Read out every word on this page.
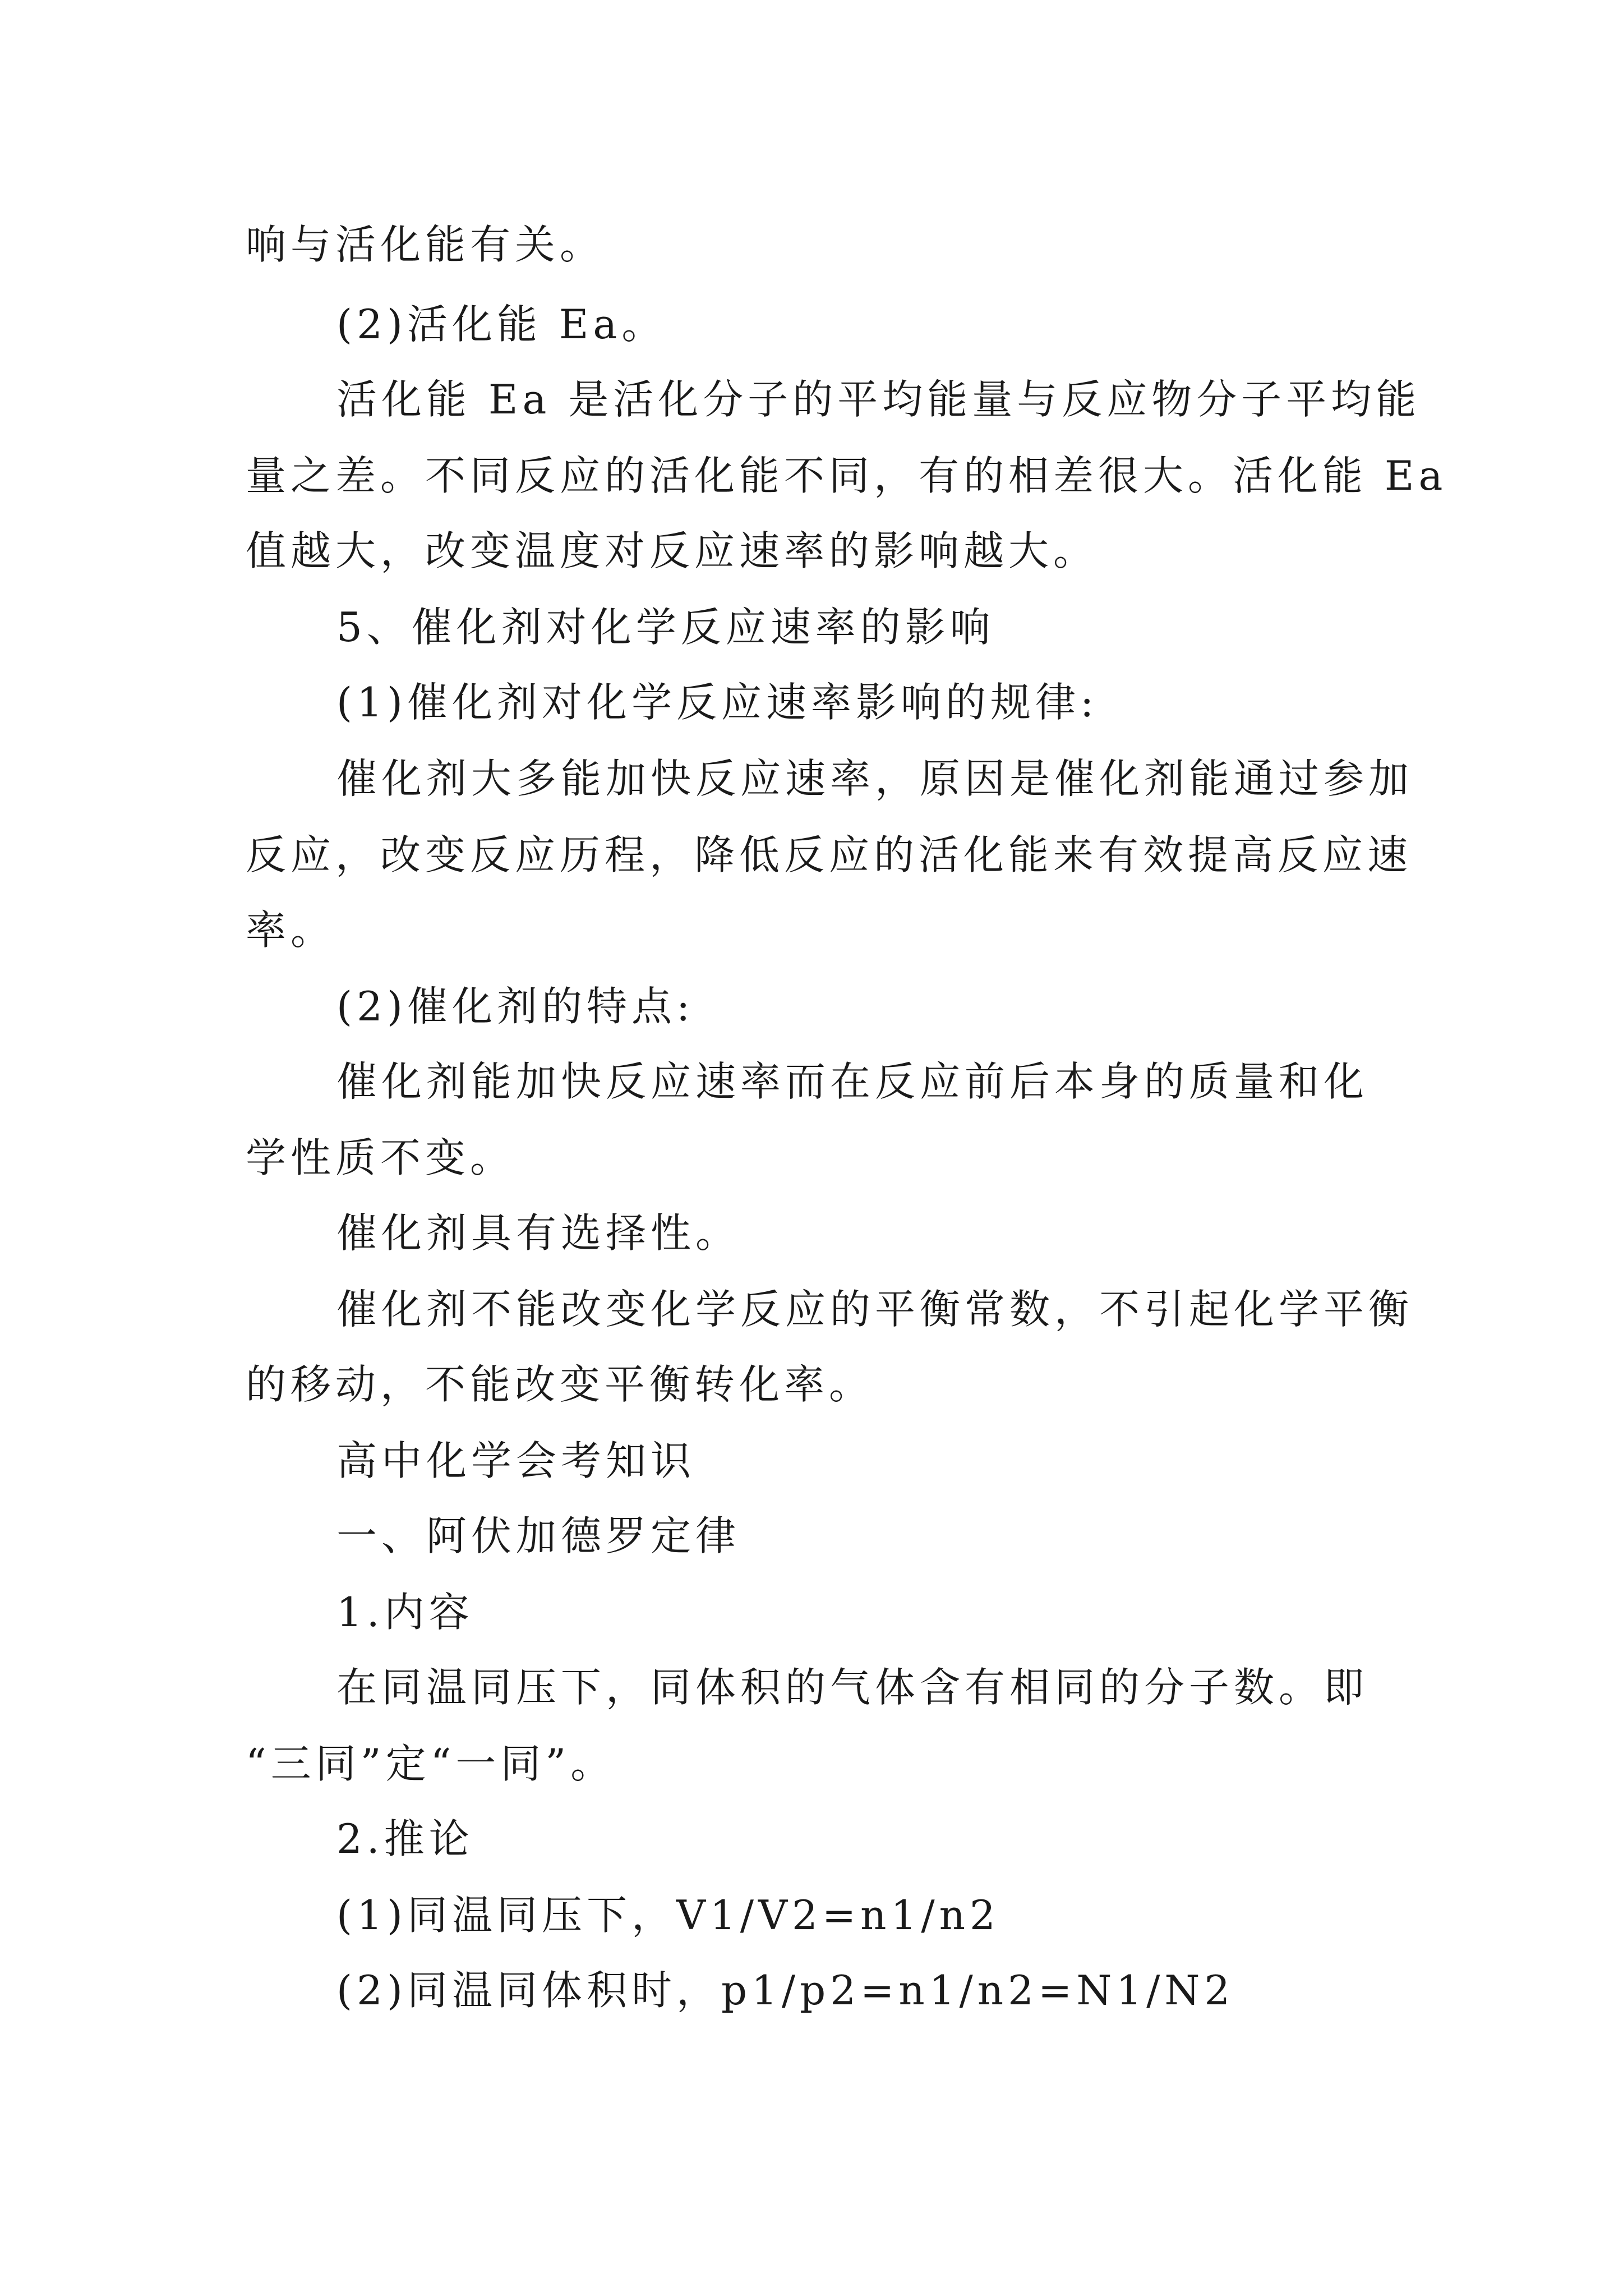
响与活化能有关。

(2)活化能 Ea。

活化能 Ea 是活化分子的平均能量与反应物分子平均能

量之差。不同反应的活化能不同，有的相差很大。活化能 Ea

值越大，改变温度对反应速率的影响越大。

5、催化剂对化学反应速率的影响

(1)催化剂对化学反应速率影响的规律:

催化剂大多能加快反应速率，原因是催化剂能通过参加

反应，改变反应历程，降低反应的活化能来有效提高反应速

率。

(2)催化剂的特点:

催化剂能加快反应速率而在反应前后本身的质量和化

学性质不变。

催化剂具有选择性。

催化剂不能改变化学反应的平衡常数，不引起化学平衡

的移动，不能改变平衡转化率。

高中化学会考知识

一、阿伏加德罗定律

1.内容

在同温同压下，同体积的气体含有相同的分子数。即

“三同”定“一同”。

2.推论

(1)同温同压下，V1/V2=n1/n2

(2)同温同体积时，p1/p2=n1/n2=N1/N2
